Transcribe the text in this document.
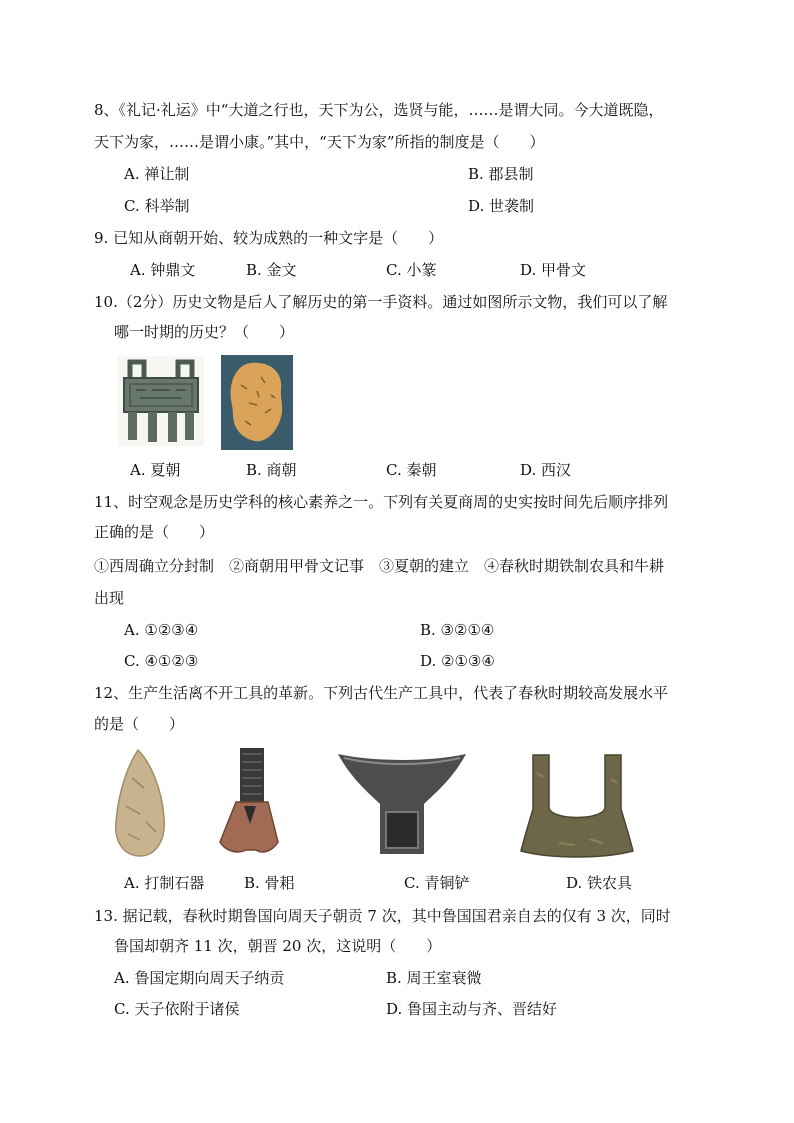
8、《礼记·礼运》中“大道之行也，天下为公，选贤与能，……是谓大同。今大道既隐，
天下为家，……是谓小康。”其中，“天下为家”所指的制度是（　　）
A. 禅让制	B. 郡县制
C. 科举制	D. 世袭制
9. 已知从商朝开始、较为成熟的一种文字是（　　）
A. 钟鼎文	B. 金文	C. 小篆	D. 甲骨文
10.（2分）历史文物是后人了解历史的第一手资料。通过如图所示文物，我们可以了解
哪一时期的历史？（　　）
A. 夏朝	B. 商朝	C. 秦朝	D. 西汉
11、时空观念是历史学科的核心素养之一。下列有关夏商周的史实按时间先后顺序排列
正确的是（　　）
①西周确立分封制　②商朝用甲骨文记事　③夏朝的建立　④春秋时期铁制农具和牛耕
出现
A. ①②③④	B. ③②①④
C. ④①②③	D. ②①③④
12、生产生活离不开工具的革新。下列古代生产工具中，代表了春秋时期较高发展水平
的是（　　）
A. 打制石器	B. 骨耜	C. 青铜铲	D. 铁农具
13. 据记载，春秋时期鲁国向周天子朝贡 7 次，其中鲁国国君亲自去的仅有 3 次，同时
鲁国却朝齐 11 次，朝晋 20 次，这说明（　　）
A. 鲁国定期向周天子纳贡	B. 周王室衰微
C. 天子依附于诸侯	D. 鲁国主动与齐、晋结好
